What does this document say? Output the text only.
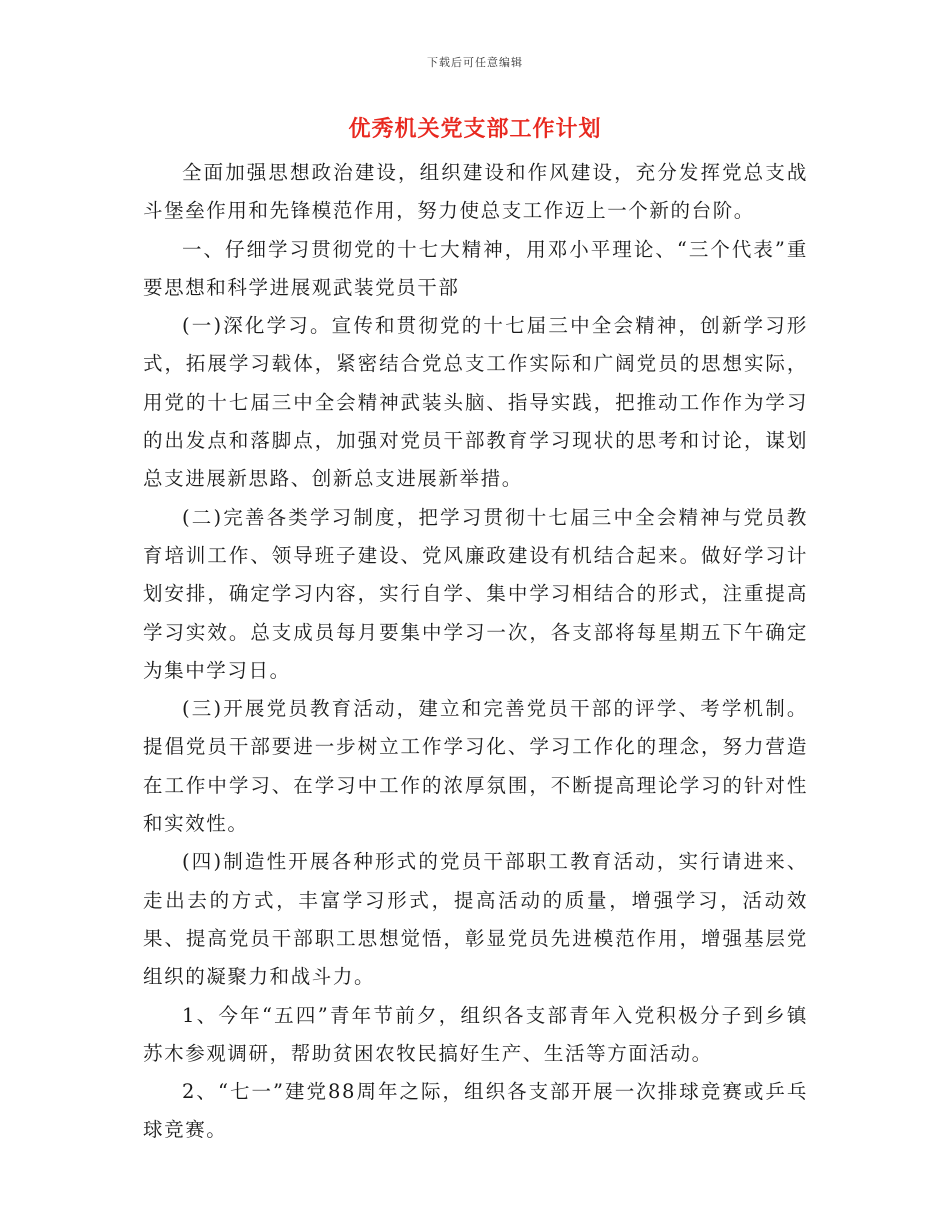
下载后可任意编辑
优秀机关党支部工作计划

全面加强思想政治建设，组织建设和作风建设，充分发挥党总支战斗堡垒作用和先锋模范作用，努力使总支工作迈上一个新的台阶。

一、仔细学习贯彻党的十七大精神，用邓小平理论、“三个代表”重要思想和科学进展观武装党员干部

(一)深化学习。宣传和贯彻党的十七届三中全会精神，创新学习形式，拓展学习载体，紧密结合党总支工作实际和广阔党员的思想实际，用党的十七届三中全会精神武装头脑、指导实践，把推动工作作为学习的出发点和落脚点，加强对党员干部教育学习现状的思考和讨论，谋划总支进展新思路、创新总支进展新举措。

(二)完善各类学习制度，把学习贯彻十七届三中全会精神与党员教育培训工作、领导班子建设、党风廉政建设有机结合起来。做好学习计划安排，确定学习内容，实行自学、集中学习相结合的形式，注重提高学习实效。总支成员每月要集中学习一次，各支部将每星期五下午确定为集中学习日。

(三)开展党员教育活动，建立和完善党员干部的评学、考学机制。提倡党员干部要进一步树立工作学习化、学习工作化的理念，努力营造在工作中学习、在学习中工作的浓厚氛围，不断提高理论学习的针对性和实效性。

(四)制造性开展各种形式的党员干部职工教育活动，实行请进来、走出去的方式，丰富学习形式，提高活动的质量，增强学习，活动效果、提高党员干部职工思想觉悟，彰显党员先进模范作用，增强基层党组织的凝聚力和战斗力。

1、今年“五四”青年节前夕，组织各支部青年入党积极分子到乡镇苏木参观调研，帮助贫困农牧民搞好生产、生活等方面活动。

2、“七一”建党88周年之际，组织各支部开展一次排球竞赛或乒乓球竞赛。
